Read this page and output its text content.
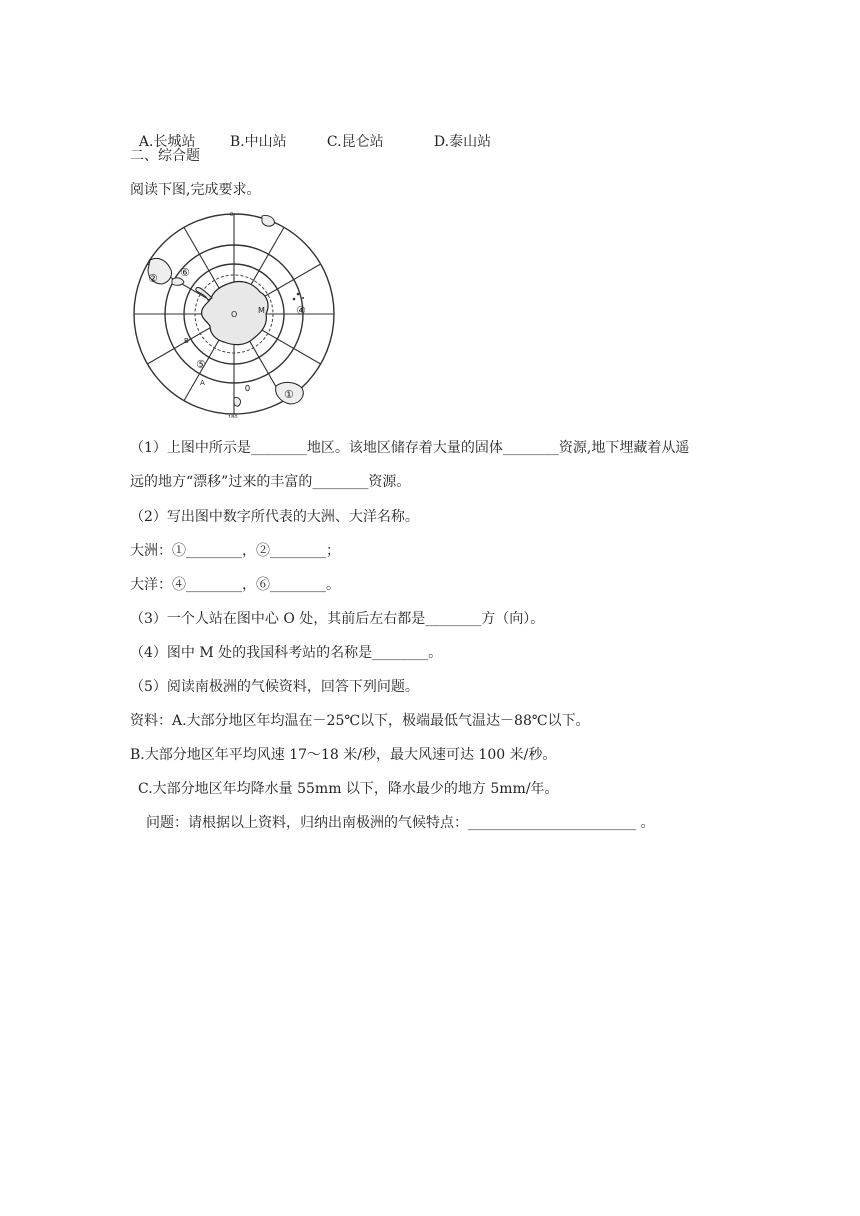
A.长城站 B.中山站	C.昆仑站	D.泰山站

二、综合题
阅读下图,完成要求。
0
180
O	M
B
A
② ⑥
④
⑤
①
（1）上图中所示是________地区。该地区储存着大量的固体________资源,地下埋藏着从遥
远的地方“漂移”过来的丰富的________资源。
（2）写出图中数字所代表的大洲、大洋名称。
大洲：①________，②________；
大洋：④________，⑥________。
（3）一个人站在图中心 O 处，其前后左右都是________方（向）。
（4）图中 M 处的我国科考站的名称是________。
（5）阅读南极洲的气候资料，回答下列问题。
资料：A.大部分地区年均温在－25℃以下，极端最低气温达－88℃以下。
B.大部分地区年平均风速 17～18 米/秒，最大风速可达 100 米/秒。
C.大部分地区年均降水量 55mm 以下，降水最少的地方 5mm/年。
问题：请根据以上资料，归纳出南极洲的气候特点：________________________ 。
